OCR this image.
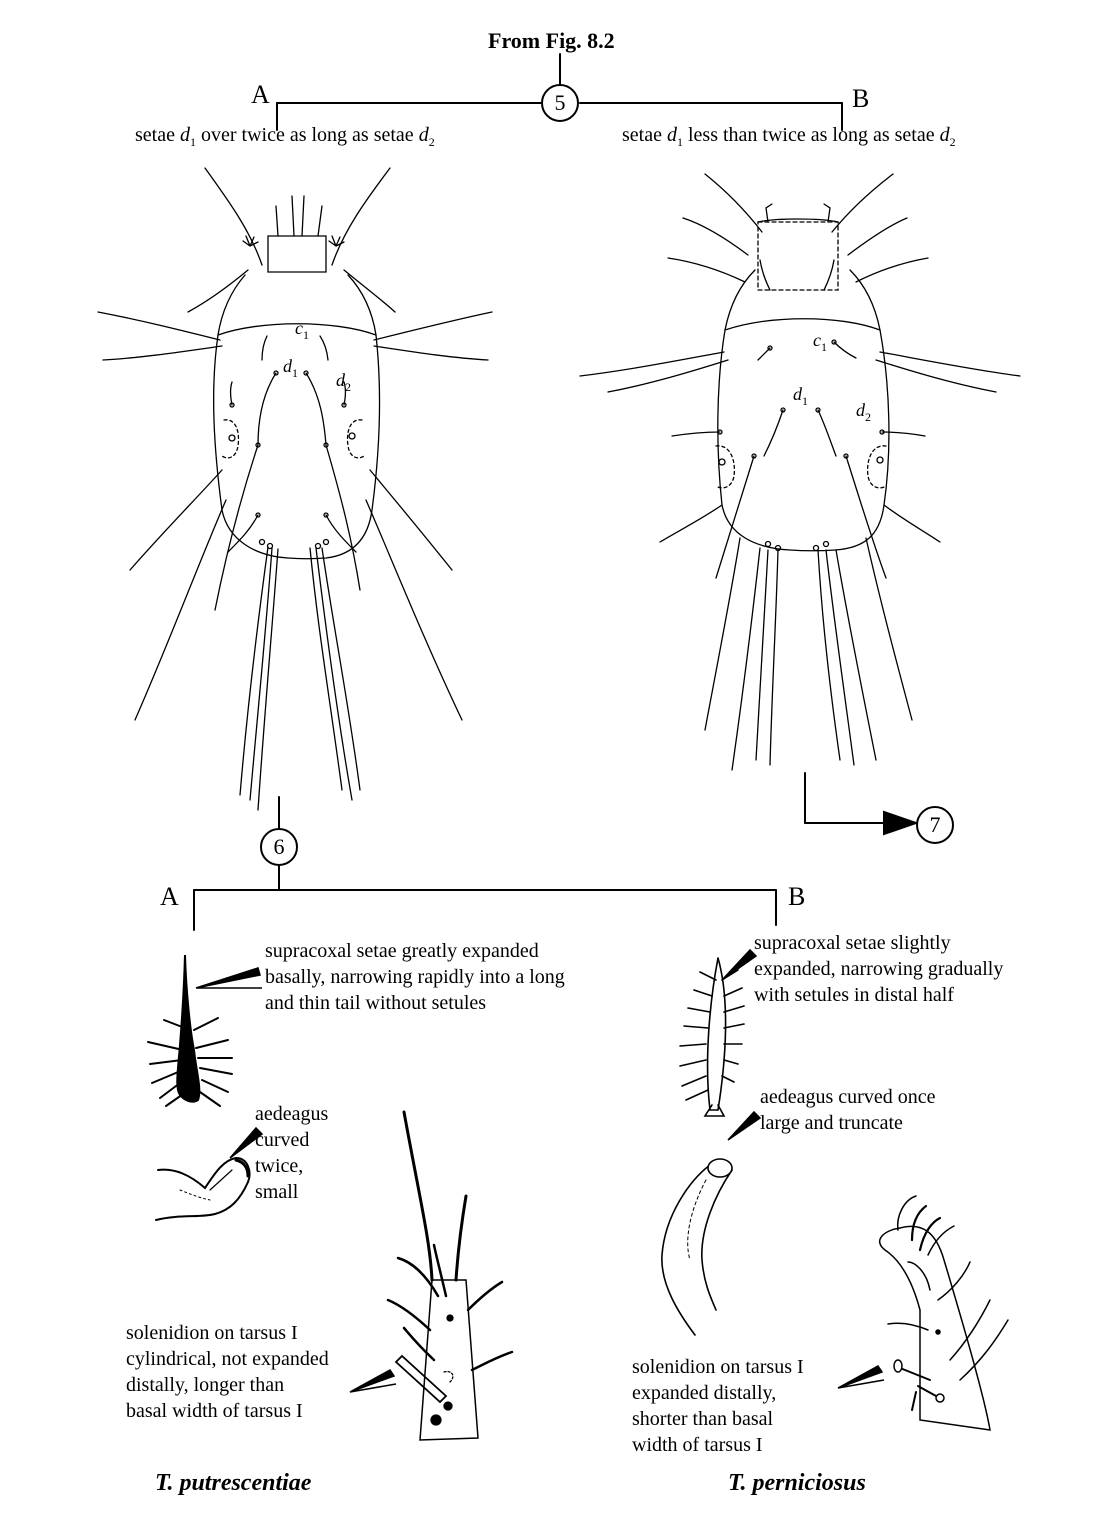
From Fig. 8.2
5
A	B
setae $d_1$ over twice as long as setae $d_2$	setae $d_1$ less than twice as long as setae $d_2$
$c_1$
$d_1$ $d_2$
$c_1$
$d_1$	$d_2$
7
6
A	B
supracoxal setae greatly expanded
basally, narrowing rapidly into a long
and thin tail without setules
aedeagus
curved
twice,
small
solenidion on tarsus I
cylindrical, not expanded
distally, longer than
basal width of tarsus I
T. putrescentiae
supracoxal setae slightly
expanded, narrowing gradually
with setules in distal half
aedeagus curved once
large and truncate
solenidion on tarsus I
expanded distally,
shorter than basal
width of tarsus I
T. perniciosus
